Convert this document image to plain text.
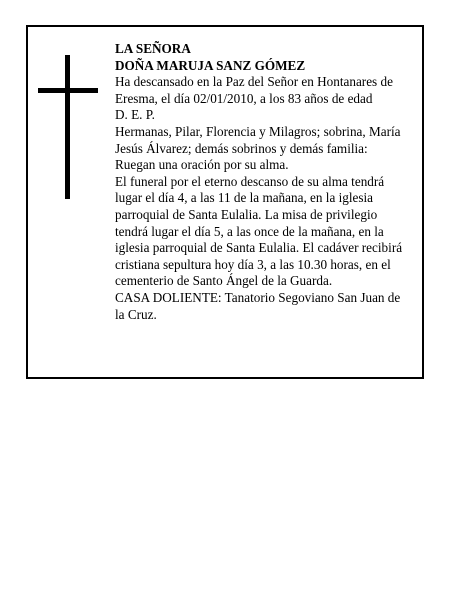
LA SEÑORA
DOÑA MARUJA SANZ GÓMEZ
Ha descansado en la Paz del Señor en Hontanares de
Eresma, el día 02/01/2010, a los 83 años de edad
D. E. P.
Hermanas, Pilar, Florencia y Milagros; sobrina, María
Jesús Álvarez; demás sobrinos y demás familia:
Ruegan una oración por su alma.
El funeral por el eterno descanso de su alma tendrá
lugar el día 4, a las 11 de la mañana, en la iglesia
parroquial de Santa Eulalia. La misa de privilegio
tendrá lugar el día 5, a las once de la mañana, en la
iglesia parroquial de Santa Eulalia. El cadáver recibirá
cristiana sepultura hoy día 3, a las 10.30 horas, en el
cementerio de Santo Ángel de la Guarda.
CASA DOLIENTE: Tanatorio Segoviano San Juan de
la Cruz.
